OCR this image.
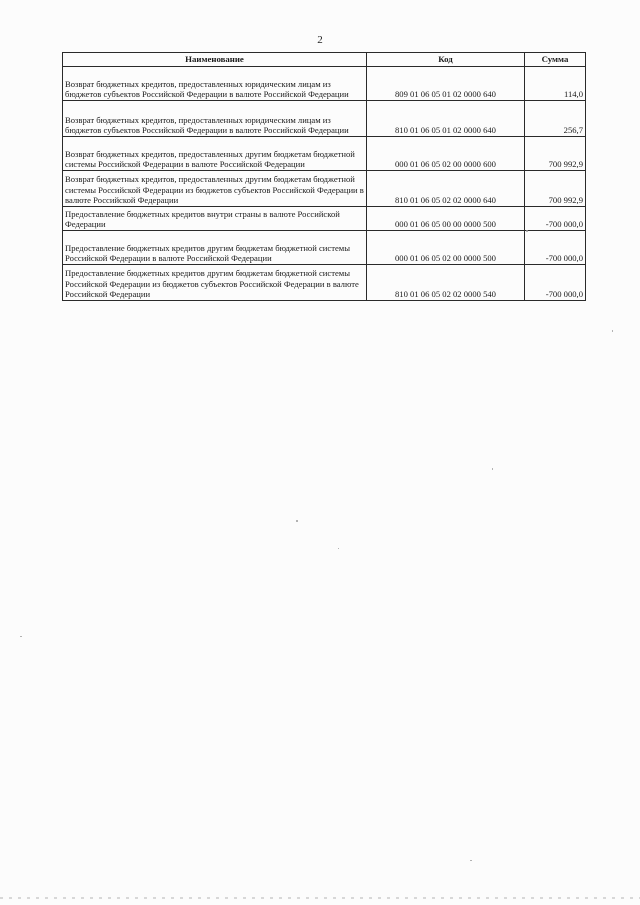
2
Наименование	Код	Сумма
Возврат бюджетных кредитов, предоставленных юридическим лицам из бюджетов субъектов Российской Федерации в валюте Российской Федерации	809 01 06 05 01 02 0000 640	114,0
Возврат бюджетных кредитов, предоставленных юридическим лицам из бюджетов субъектов Российской Федерации в валюте Российской Федерации	810 01 06 05 01 02 0000 640	256,7
Возврат бюджетных кредитов, предоставленных другим бюджетам бюджетной системы Российской Федерации в валюте Российской Федерации	000 01 06 05 02 00 0000 600	700 992,9
Возврат бюджетных кредитов, предоставленных другим бюджетам бюджетной системы Российской Федерации из бюджетов субъектов Российской Федерации в валюте Российской Федерации	810 01 06 05 02 02 0000 640	700 992,9
Предоставление бюджетных кредитов внутри страны в валюте Российской Федерации	000 01 06 05 00 00 0000 500	-700 000,0
Предоставление бюджетных кредитов другим бюджетам бюджетной системы Российской Федерации в валюте Российской Федерации	000 01 06 05 02 00 0000 500	-700 000,0
Предоставление бюджетных кредитов другим бюджетам бюджетной системы Российской Федерации из бюджетов субъектов Российской Федерации в валюте Российской Федерации	810 01 06 05 02 02 0000 540	-700 000,0
